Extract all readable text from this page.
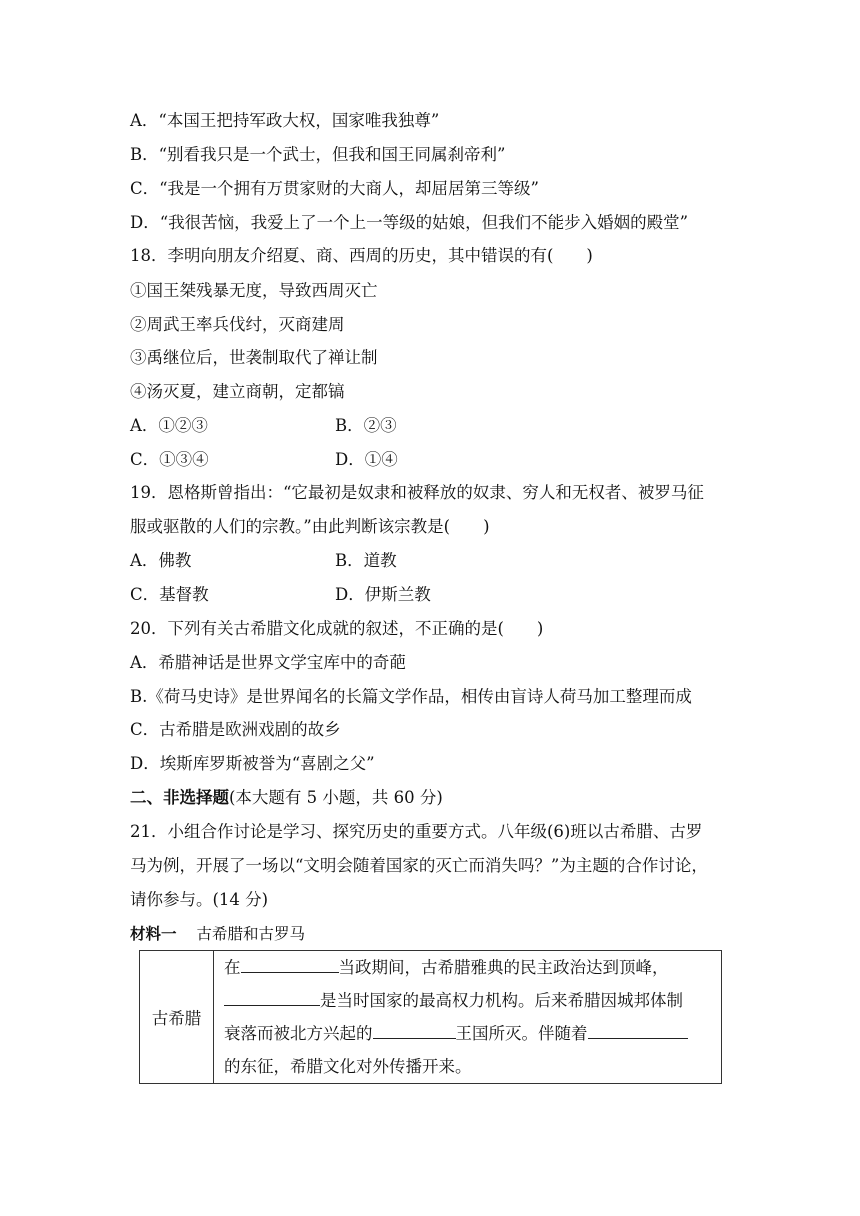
A．“本国王把持军政大权，国家唯我独尊”
B．“别看我只是一个武士，但我和国王同属刹帝利”
C．“我是一个拥有万贯家财的大商人，却屈居第三等级”
D．“我很苦恼，我爱上了一个上一等级的姑娘，但我们不能步入婚姻的殿堂”
18．李明向朋友介绍夏、商、西周的历史，其中错误的有(　　)
①国王桀残暴无度，导致西周灭亡
②周武王率兵伐纣，灭商建周
③禹继位后，世袭制取代了禅让制
④汤灭夏，建立商朝，定都镐
A．①②③	B．②③
C．①③④	D．①④
19．恩格斯曾指出：“它最初是奴隶和被释放的奴隶、穷人和无权者、被罗马征
服或驱散的人们的宗教。”由此判断该宗教是(　　)
A．佛教	B．道教
C．基督教	D．伊斯兰教
20．下列有关古希腊文化成就的叙述，不正确的是(　　)
A．希腊神话是世界文学宝库中的奇葩
B.《荷马史诗》是世界闻名的长篇文学作品，相传由盲诗人荷马加工整理而成
C．古希腊是欧洲戏剧的故乡
D．埃斯库罗斯被誉为“喜剧之父”
二、非选择题(本大题有 5 小题，共 60 分)
21．小组合作讨论是学习、探究历史的重要方式。八年级(6)班以古希腊、古罗
马为例，开展了一场以“文明会随着国家的灭亡而消失吗？”为主题的合作讨论，
请你参与。(14 分)
材料一 古希腊和古罗马
古希腊	
在	当政期间，古希腊雅典的民主政治达到顶峰，
是当时国家的最高权力机构。后来希腊因城邦体制
衰落而被北方兴起的	王国所灭。伴随着
的东征，希腊文化对外传播开来。
